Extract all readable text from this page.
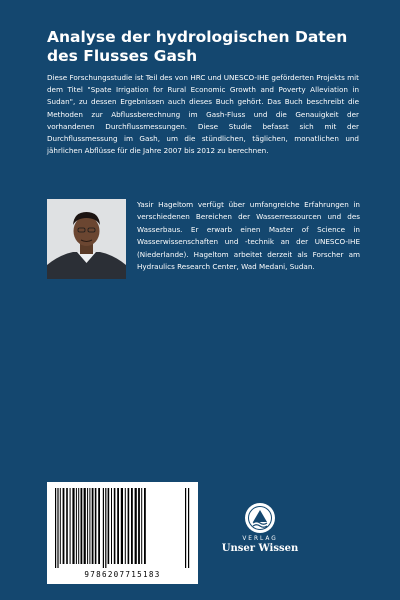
Analyse der hydrologischen Daten des Flusses Gash

Diese Forschungsstudie ist Teil des von HRC und UNESCO-IHE geförderten Projekts mit dem Titel "Spate Irrigation for Rural Economic Growth and Poverty Alleviation in Sudan", zu dessen Ergebnissen auch dieses Buch gehört. Das Buch beschreibt die Methoden zur Abflussberechnung im Gash-Fluss und die Genauigkeit der vorhandenen Durchflussmessungen. Diese Studie befasst sich mit der Durchflussmessung im Gash, um die stündlichen, täglichen, monatlichen und jährlichen Abflüsse für die Jahre 2007 bis 2012 zu berechnen.

Yasir Hageltom verfügt über umfangreiche Erfahrungen in verschiedenen Bereichen der Wasserressourcen und des Wasserbaus. Er erwarb einen Master of Science in Wasserwissenschaften und -technik an der UNESCO-IHE (Niederlande). Hageltom arbeitet derzeit als Forscher am Hydraulics Research Center, Wad Medani, Sudan.

9786207715183
VERLAG
Unser Wissen
